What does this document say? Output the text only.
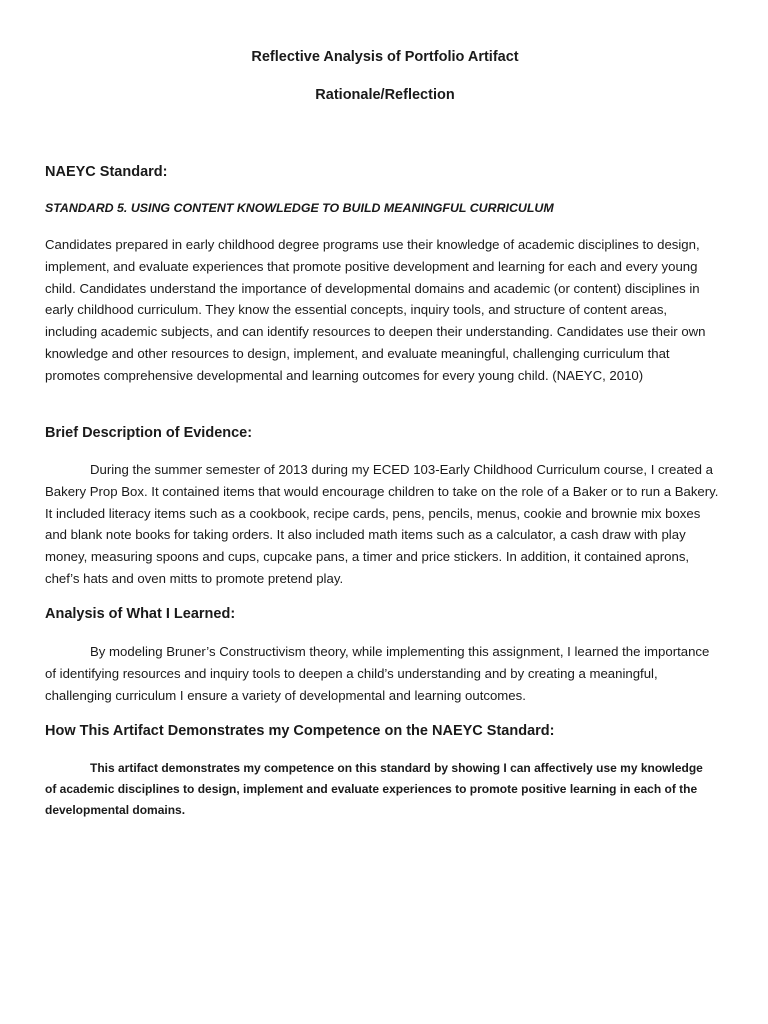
Reflective Analysis of Portfolio Artifact
Rationale/Reflection
NAEYC Standard:

STANDARD 5. USING CONTENT KNOWLEDGE TO BUILD MEANINGFUL CURRICULUM

Candidates prepared in early childhood degree programs use their knowledge of academic disciplines to design, implement, and evaluate experiences that promote positive development and learning for each and every young child. Candidates understand the importance of developmental domains and academic (or content) disciplines in early childhood curriculum. They know the essential concepts, inquiry tools, and structure of content areas, including academic subjects, and can identify resources to deepen their understanding. Candidates use their own knowledge and other resources to design, implement, and evaluate meaningful, challenging curriculum that promotes comprehensive developmental and learning outcomes for every young child. (NAEYC, 2010)

Brief Description of Evidence:

During the summer semester of 2013 during my ECED 103-Early Childhood Curriculum course, I created a Bakery Prop Box. It contained items that would encourage children to take on the role of a Baker or to run a Bakery. It included literacy items such as a cookbook, recipe cards, pens, pencils, menus, cookie and brownie mix boxes and blank note books for taking orders. It also included math items such as a calculator, a cash draw with play money, measuring spoons and cups, cupcake pans, a timer and price stickers. In addition, it contained aprons, chef’s hats and oven mitts to promote pretend play.

Analysis of What I Learned:

By modeling Bruner’s Constructivism theory, while implementing this assignment, I learned the importance of identifying resources and inquiry tools to deepen a child’s understanding and by creating a meaningful, challenging curriculum I ensure a variety of developmental and learning outcomes.

How This Artifact Demonstrates my Competence on the NAEYC Standard:

This artifact demonstrates my competence on this standard by showing I can affectively use my knowledge of academic disciplines to design, implement and evaluate experiences to promote positive learning in each of the developmental domains.
